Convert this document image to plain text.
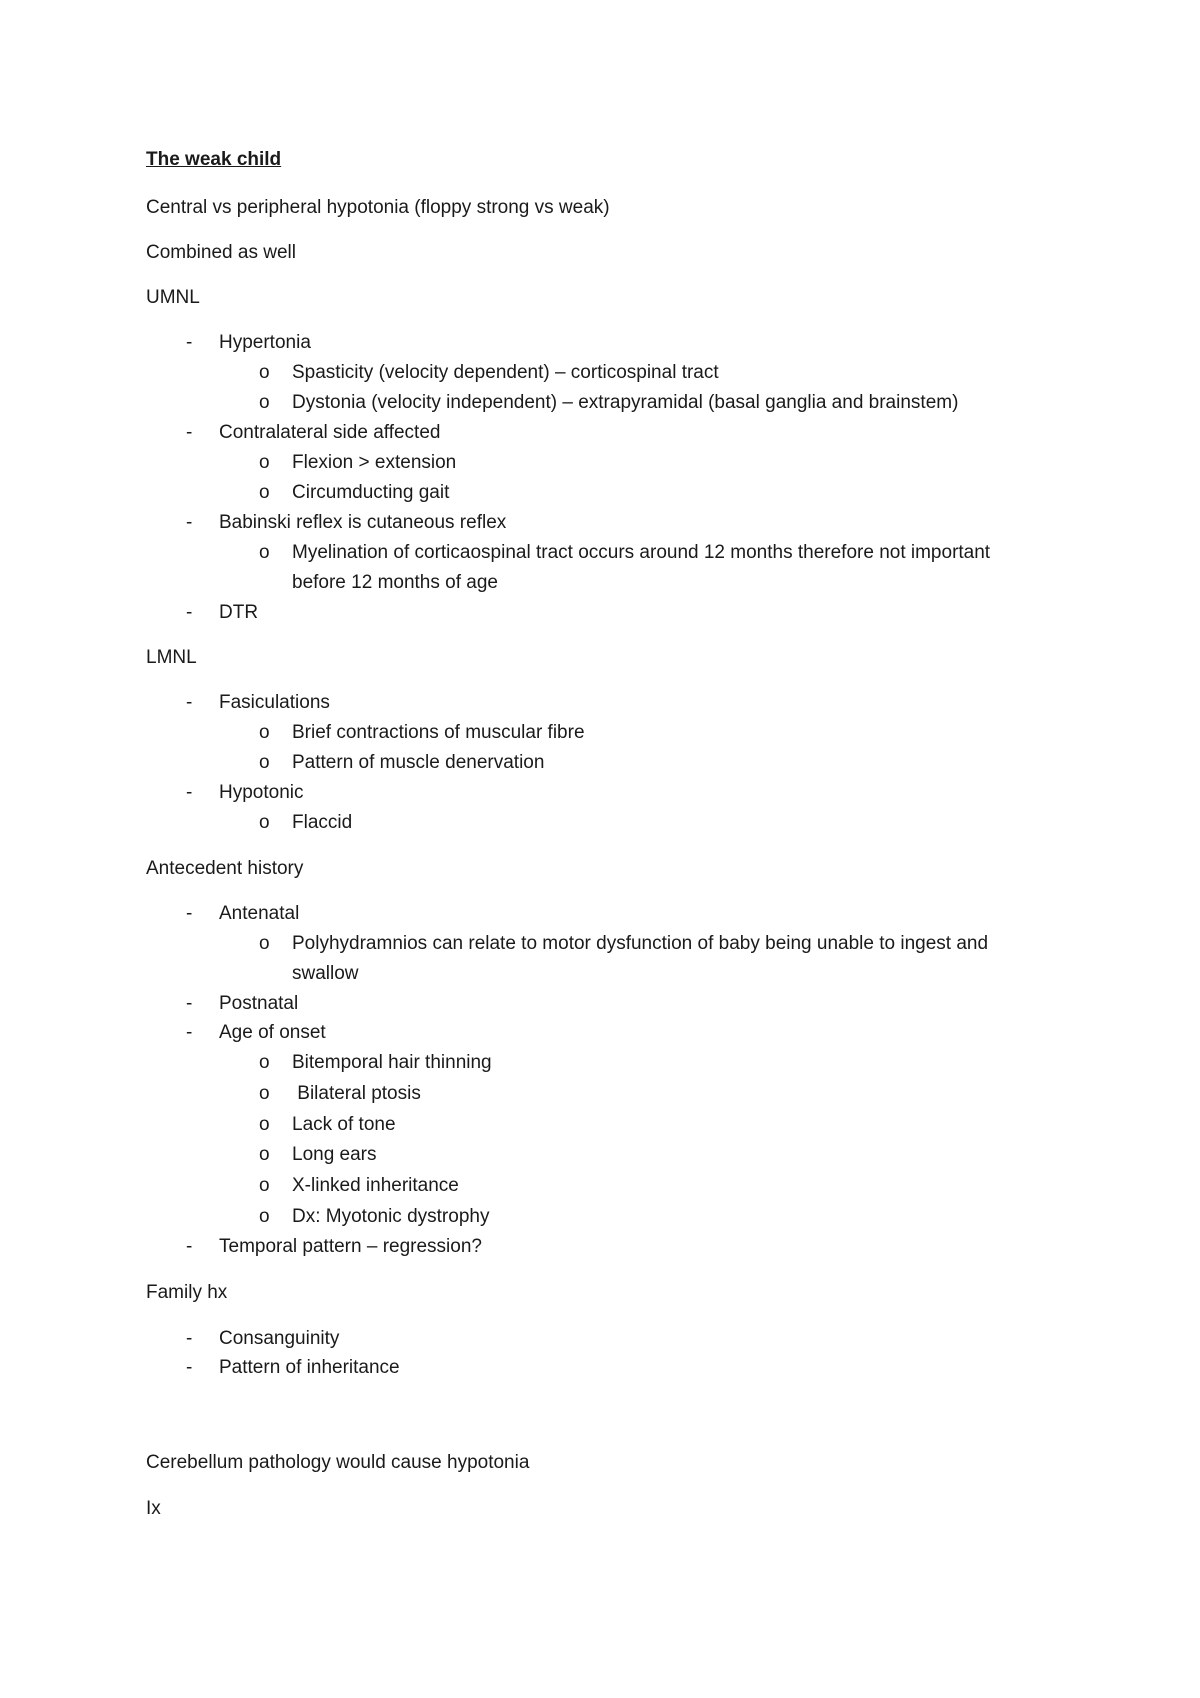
The weak child
Central vs peripheral hypotonia (floppy strong vs weak)
Combined as well
UMNL
- Hypertonia
o Spasticity (velocity dependent) – corticospinal tract
o Dystonia (velocity independent) – extrapyramidal (basal ganglia and brainstem)
- Contralateral side affected
o Flexion > extension
o Circumducting gait
- Babinski reflex is cutaneous reflex
o Myelination of corticaospinal tract occurs around 12 months therefore not important
before 12 months of age
- DTR
LMNL
- Fasiculations
o Brief contractions of muscular fibre
o Pattern of muscle denervation
- Hypotonic
o Flaccid
Antecedent history
- Antenatal
o Polyhydramnios can relate to motor dysfunction of baby being unable to ingest and
swallow
- Postnatal
- Age of onset
o Bitemporal hair thinning
o Bilateral ptosis
o Lack of tone
o Long ears
o X-linked inheritance
o Dx: Myotonic dystrophy
- Temporal pattern – regression?
Family hx
- Consanguinity
- Pattern of inheritance
Cerebellum pathology would cause hypotonia
Ix
